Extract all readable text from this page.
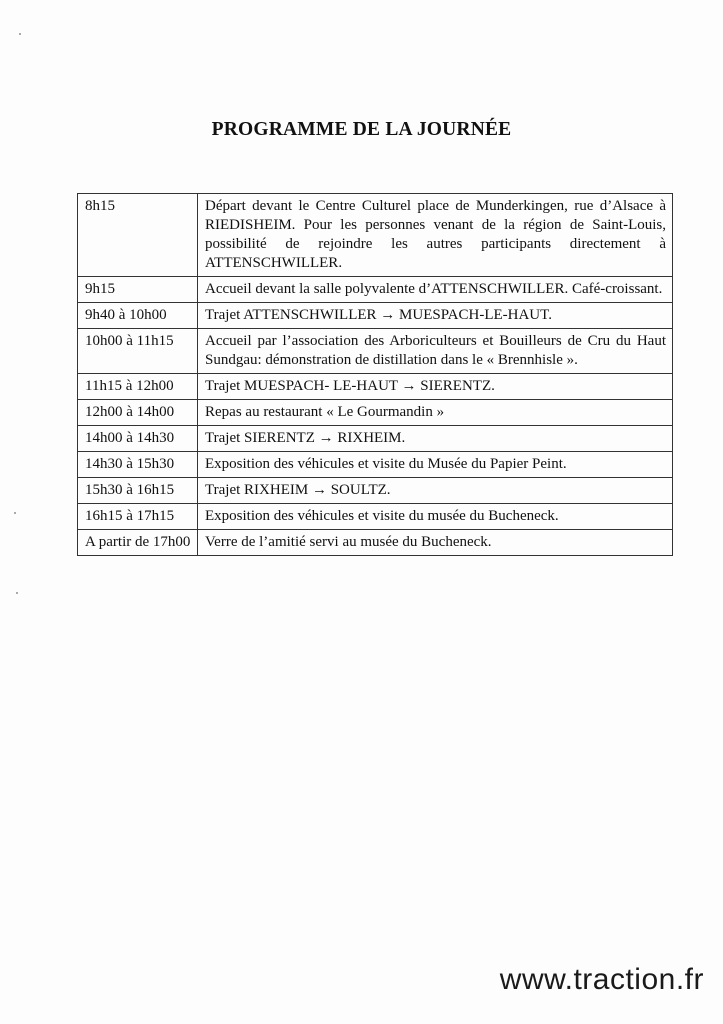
PROGRAMME DE LA JOURNÉE
8h15	Départ devant le Centre Culturel place de Munderkingen, rue d’Alsace à RIEDISHEIM. Pour les personnes venant de la région de Saint-Louis, possibilité de rejoindre les autres participants directement à ATTENSCHWILLER.
9h15	Accueil devant la salle polyvalente d’ATTENSCHWILLER. Café-croissant.
9h40 à 10h00	Trajet ATTENSCHWILLER → MUESPACH-LE-HAUT.
10h00 à 11h15	Accueil par l’association des Arboriculteurs et Bouilleurs de Cru du Haut Sundgau: démonstration de distillation dans le « Brennhisle ».
11h15 à 12h00	Trajet MUESPACH- LE-HAUT → SIERENTZ.
12h00 à 14h00	Repas au restaurant « Le Gourmandin »
14h00 à 14h30	Trajet SIERENTZ → RIXHEIM.
14h30 à 15h30	Exposition des véhicules et visite du Musée du Papier Peint.
15h30 à 16h15	Trajet RIXHEIM → SOULTZ.
16h15 à 17h15	Exposition des véhicules et visite du musée du Bucheneck.
A partir de 17h00	Verre de l’amitié servi au musée du Bucheneck.
www.traction.fr
